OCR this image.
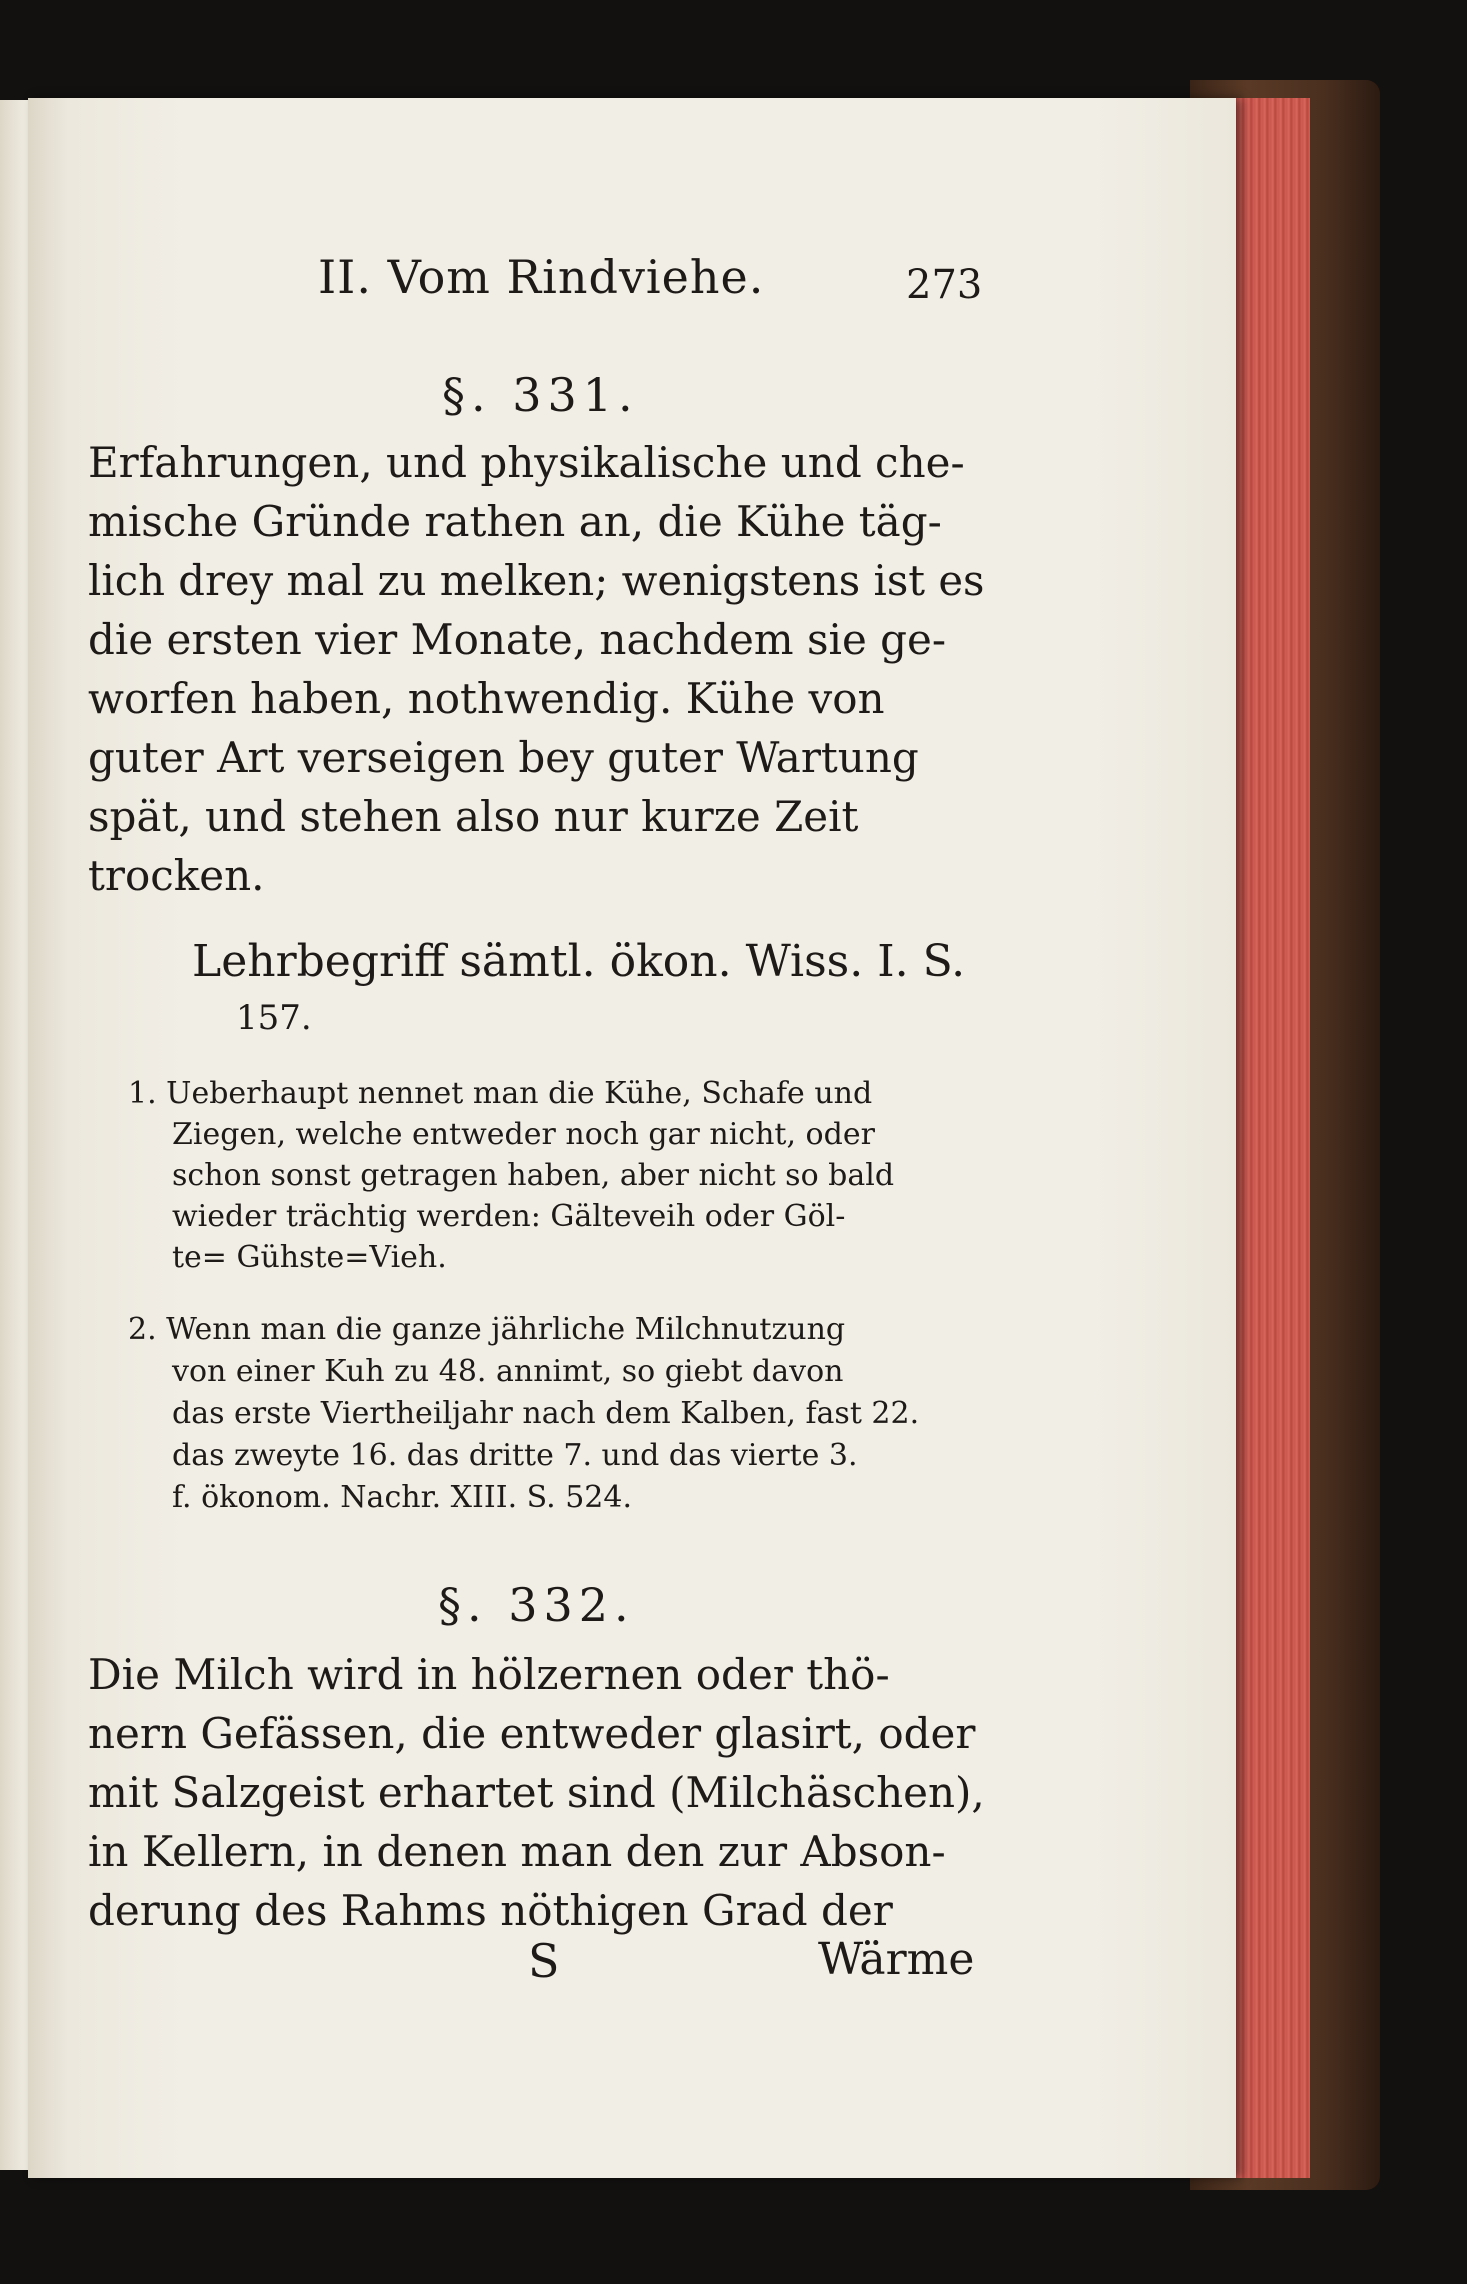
II. Vom Rindviehe.	273

§. 331.

Erfahrungen, und physikalische und che-

mische Gründe rathen an, die Kühe täg-

lich drey mal zu melken; wenigstens ist es

die ersten vier Monate, nachdem sie ge-

worfen haben, nothwendig. Kühe von

guter Art verseigen bey guter Wartung

spät, und stehen also nur kurze Zeit

trocken.

Lehrbegriff sämtl. ökon. Wiss. I. S.

157.

1. Ueberhaupt nennet man die Kühe, Schafe und

Ziegen, welche entweder noch gar nicht, oder

schon sonst getragen haben, aber nicht so bald

wieder trächtig werden: Gälteveih oder Göl-

te= Gühste=Vieh.

2. Wenn man die ganze jährliche Milchnutzung

von einer Kuh zu 48. annimt, so giebt davon

das erste Viertheiljahr nach dem Kalben, fast 22.

das zweyte 16. das dritte 7. und das vierte 3.

f. ökonom. Nachr. XIII. S. 524.

§. 332.

Die Milch wird in hölzernen oder thö-

nern Gefässen, die entweder glasirt, oder

mit Salzgeist erhartet sind (Milchäschen),

in Kellern, in denen man den zur Abson-

derung des Rahms nöthigen Grad der

S	Wärme
